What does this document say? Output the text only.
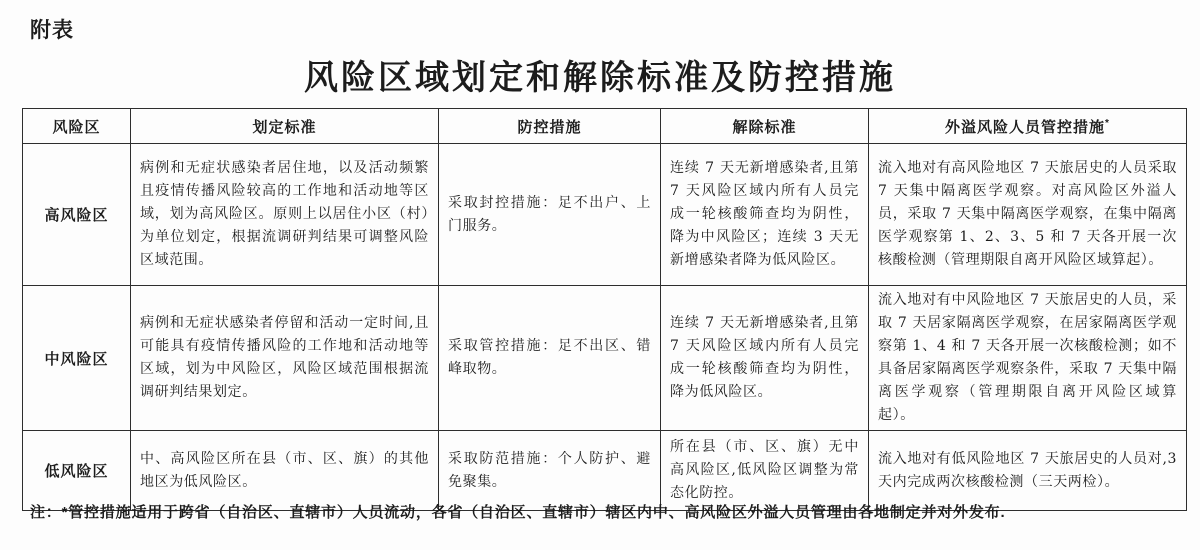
附表
风险区域划定和解除标准及防控措施
风险区	划定标准	防控措施	解除标准	外溢风险人员管控措施*
高风险区	病例和无症状感染者居住地，以及活动频繁且疫情传播风险较高的工作地和活动地等区域，划为高风险区。原则上以居住小区（村）为单位划定，根据流调研判结果可调整风险区域范围。	采取封控措施：足不出户、上门服务。	连续 7 天无新增感染者,且第 7 天风险区域内所有人员完成一轮核酸筛查均为阴性，降为中风险区；连续 3 天无新增感染者降为低风险区。	流入地对有高风险地区 7 天旅居史的人员采取 7 天集中隔离医学观察。对高风险区外溢人员，采取 7 天集中隔离医学观察，在集中隔离医学观察第 1、2、3、5 和 7 天各开展一次核酸检测（管理期限自离开风险区域算起）。
中风险区	病例和无症状感染者停留和活动一定时间,且可能具有疫情传播风险的工作地和活动地等区域，划为中风险区，风险区域范围根据流调研判结果划定。	采取管控措施：足不出区、错峰取物。	连续 7 天无新增感染者,且第 7 天风险区域内所有人员完成一轮核酸筛查均为阴性，降为低风险区。	流入地对有中风险地区 7 天旅居史的人员，采取 7 天居家隔离医学观察，在居家隔离医学观察第 1、4 和 7 天各开展一次核酸检测；如不具备居家隔离医学观察条件，采取 7 天集中隔离医学观察（管理期限自离开风险区域算起）。
低风险区	中、高风险区所在县（市、区、旗）的其他地区为低风险区。	采取防范措施：个人防护、避免聚集。	所在县（市、区、旗）无中高风险区,低风险区调整为常态化防控。	流入地对有低风险地区 7 天旅居史的人员对,3 天内完成两次核酸检测（三天两检）。
注：*管控措施适用于跨省（自治区、直辖市）人员流动，各省（自治区、直辖市）辖区内中、高风险区外溢人员管理由各地制定并对外发布.
